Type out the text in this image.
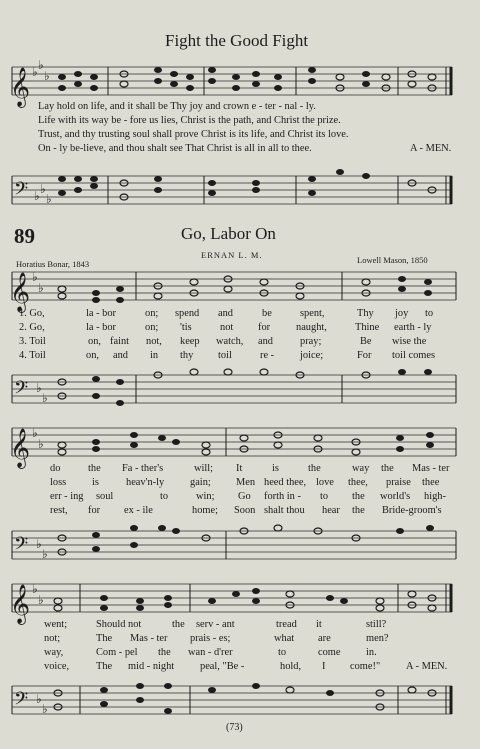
𝄞 ♭ ♭
♭
𝄢 ♭ ♭
♭
𝄞 ♭
♭
𝄢 ♭
♭
𝄞 ♭
♭
𝄢 ♭
♭
𝄞 ♭
♭
𝄢 ♭
♭
Fight the Good Fight
Lay hold on life, and it shall be Thy joy and crown e - ter - nal - ly.
Life with its way be - fore us lies, Christ is the path, and Christ the prize.
Trust, and thy trusting soul shall prove Christ is its life, and Christ its love.
On - ly be-lieve, and thou shalt see That Christ is all in all to thee.	A - MEN.
89	Go, Labor On
ERNAN L. M.
Horatius Bonar, 1843	Lowell Mason, 1850
1. Go,	la - bor	on; spend and	be	spent,	Thy joy to
2. Go,	la - bor	on; 'tis	not for naught,	Thine earth - ly
3. Toil	on, faint not, keep watch, and	pray;	Be wise the
4. Toil	on, and in thy toil	re - joice;	For toil comes
do	the Fa - ther's	will; It	is	the	way the Mas - ter
loss is	heav'n-ly gain; Men heed thee, love thee, praise thee
err - ing soul	to	win; Go forth in - to the world's high-
rest, for ex - ile	home; Soon shalt thou hear the Bride-groom's
went;	Should not	the serv - ant	tread it	still?
not;	The Mas - ter prais - es;	what are	men?
way,	Com - pel the wan - d'rer	to	come in.
voice,	The mid - night peal, "Be -	hold, I come!" A - MEN.
(73)
